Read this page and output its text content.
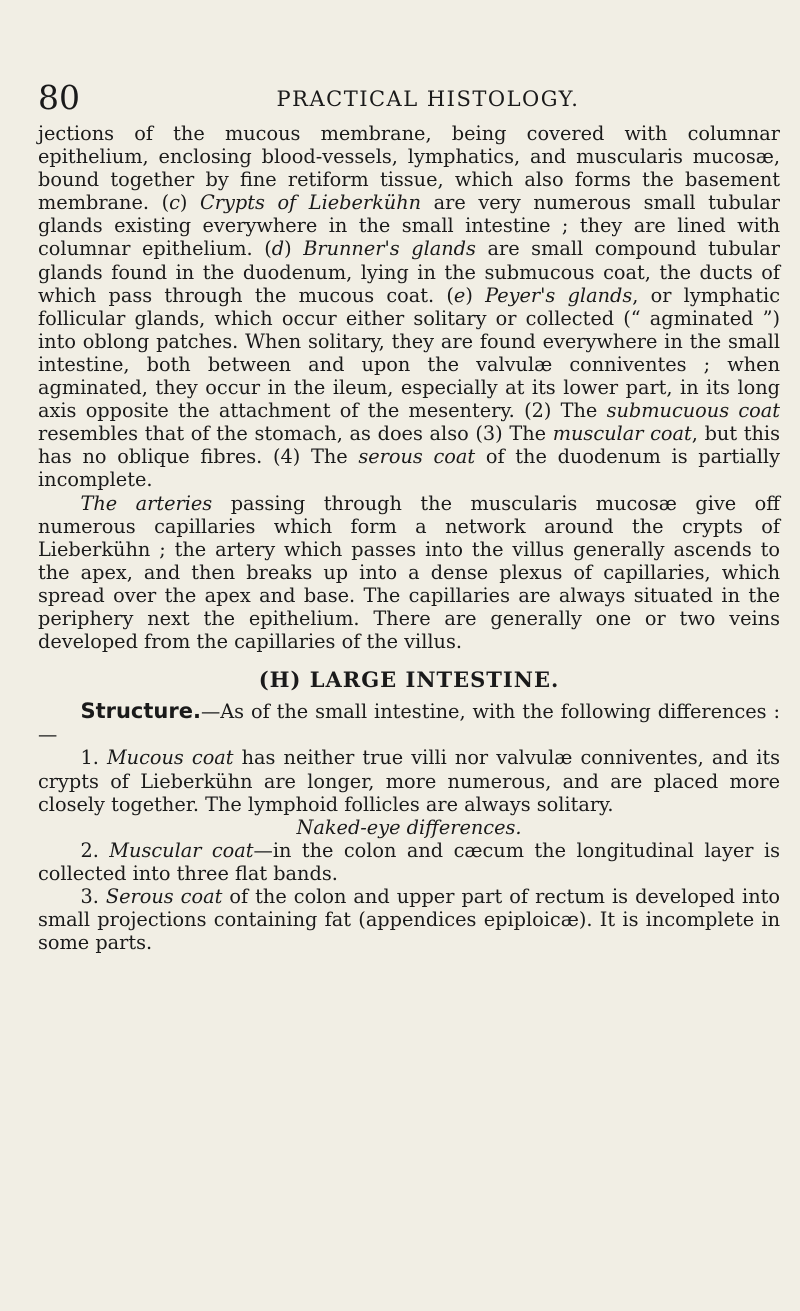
80	PRACTICAL HISTOLOGY.

jections of the mucous membrane, being covered with columnar epithelium, enclosing blood-vessels, lymphatics, and muscularis mucosæ, bound together by fine retiform tissue, which also forms the basement membrane. (c) Crypts of Lieberkühn are very numerous small tubular glands existing everywhere in the small intestine ; they are lined with columnar epithelium. (d) Brunner's glands are small compound tubular glands found in the duodenum, lying in the submucous coat, the ducts of which pass through the mucous coat. (e) Peyer's glands, or lymphatic follicular glands, which occur either solitary or collected (“ agminated ”) into oblong patches. When solitary, they are found everywhere in the small intestine, both between and upon the valvulæ conniventes ; when agminated, they occur in the ileum, especially at its lower part, in its long axis opposite the attachment of the mesentery. (2) The submucuous coat resembles that of the stomach, as does also (3) The muscular coat, but this has no oblique fibres. (4) The serous coat of the duodenum is partially incomplete.

The arteries passing through the muscularis mucosæ give off numerous capillaries which form a network around the crypts of Lieberkühn ; the artery which passes into the villus generally ascends to the apex, and then breaks up into a dense plexus of capillaries, which spread over the apex and base. The capillaries are always situated in the periphery next the epithelium. There are generally one or two veins developed from the capillaries of the villus.

(H) LARGE INTESTINE.

Structure.—As of the small intestine, with the following differences :—

1. Mucous coat has neither true villi nor valvulæ conniventes, and its crypts of Lieberkühn are longer, more numerous, and are placed more closely together. The lymphoid follicles are always solitary.

Naked-eye differences.

2. Muscular coat—in the colon and cæcum the longitudinal layer is collected into three flat bands.

3. Serous coat of the colon and upper part of rectum is developed into small projections containing fat (appendices epiploicæ). It is incomplete in some parts.
